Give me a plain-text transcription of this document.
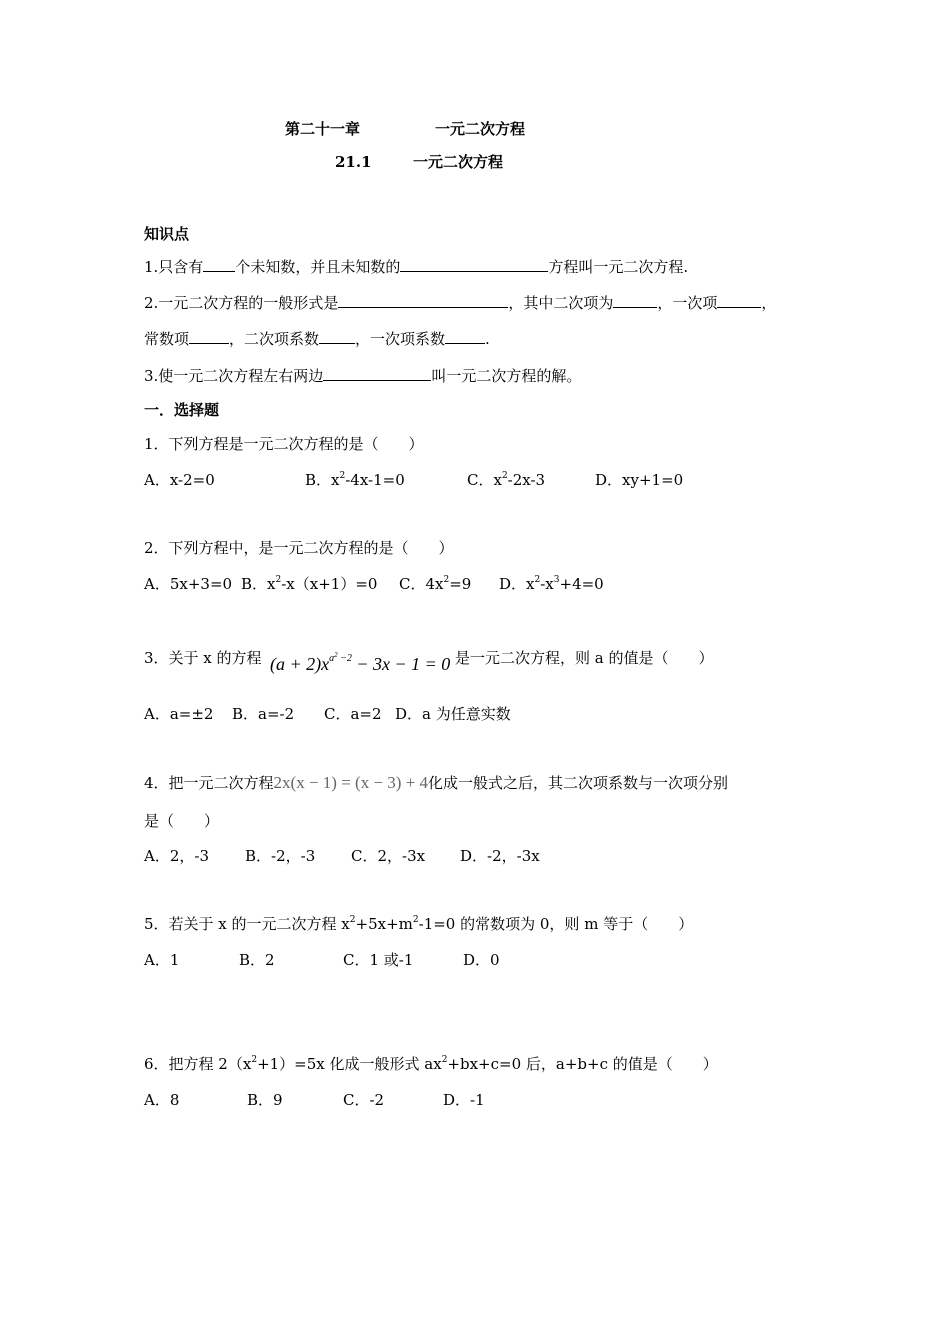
第二十一章	一元二次方程
21.1	一元二次方程
知识点
1.只含有 个未知数，并且未知数的	方程叫一元二次方程.
2.一元二次方程的一般形式是	，其中二次项为	，一次项	，
常数项	，二次项系数 ，一次项系数	.
3.使一元二次方程左右两边	叫一元二次方程的解。
一．选择题
1．下列方程是一元二次方程的是（　　）
A．x-2=0	B．$x^2-4x-1=0$	C．$x^2-2x-3$	D．xy+1=0
2．下列方程中，是一元二次方程的是（　　）
A．5x+3=0 B．$x^2-x(x+1)=0$ C．$4x^2=9$ D．$x^2-x^3+4=0$
3．关于 x 的方程 $(a + 2)x^{a^2 -2} - 3x - 1 = 0$ 是一元二次方程，则 a 的值是（　　）
A．a=±2 B．a=-2 C．a=2 D．a 为任意实数
4．把一元二次方程2x(x − 1) = (x − 3) + 4化成一般式之后，其二次项系数与一次项分别
是（　　）
A．2，-3 B．-2，-3 C．2，-3x D．-2，-3x
5．若关于 x 的一元二次方程 $x^2+5x+m^2-1=0$ 的常数项为 0，则 m 等于（　　）
A．1	B．2	C．1 或-1	D．0
6．把方程 $2(x^2+1)=5x$ 化成一般形式 $ax^2+bx+c=0$ 后，a+b+c 的值是（　　）
A．8	B．9	C．-2	D．-1
